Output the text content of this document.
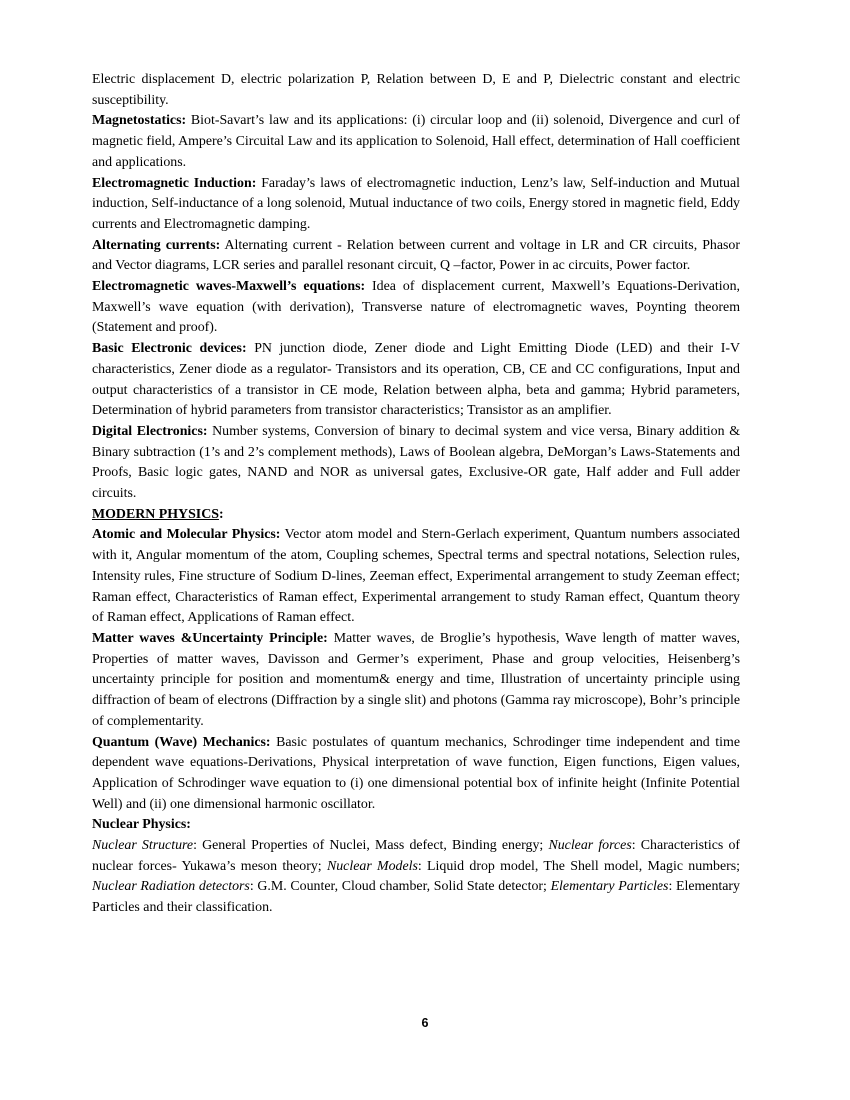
Electric displacement D, electric polarization P, Relation between D, E and P, Dielectric constant and electric susceptibility.

Magnetostatics: Biot-Savart’s law and its applications: (i) circular loop and (ii) solenoid, Divergence and curl of magnetic field, Ampere’s Circuital Law and its application to Solenoid, Hall effect, determination of Hall coefficient and applications.

Electromagnetic Induction: Faraday’s laws of electromagnetic induction, Lenz’s law, Self-induction and Mutual induction, Self-inductance of a long solenoid, Mutual inductance of two coils, Energy stored in magnetic field, Eddy currents and Electromagnetic damping.

Alternating currents: Alternating current - Relation between current and voltage in LR and CR circuits, Phasor and Vector diagrams, LCR series and parallel resonant circuit, Q –factor, Power in ac circuits, Power factor.

Electromagnetic waves-Maxwell’s equations: Idea of displacement current, Maxwell’s Equations-Derivation, Maxwell’s wave equation (with derivation), Transverse nature of electromagnetic waves, Poynting theorem (Statement and proof).

Basic Electronic devices: PN junction diode, Zener diode and Light Emitting Diode (LED) and their I-V characteristics, Zener diode as a regulator- Transistors and its operation, CB, CE and CC configurations, Input and output characteristics of a transistor in CE mode, Relation between alpha, beta and gamma; Hybrid parameters, Determination of hybrid parameters from transistor characteristics; Transistor as an amplifier.

Digital Electronics: Number systems, Conversion of binary to decimal system and vice versa, Binary addition & Binary subtraction (1’s and 2’s complement methods), Laws of Boolean algebra, DeMorgan’s Laws-Statements and Proofs, Basic logic gates, NAND and NOR as universal gates, Exclusive-OR gate, Half adder and Full adder circuits.

MODERN PHYSICS:

Atomic and Molecular Physics: Vector atom model and Stern-Gerlach experiment, Quantum numbers associated with it, Angular momentum of the atom, Coupling schemes, Spectral terms and spectral notations, Selection rules, Intensity rules, Fine structure of Sodium D-lines, Zeeman effect, Experimental arrangement to study Zeeman effect; Raman effect, Characteristics of Raman effect, Experimental arrangement to study Raman effect, Quantum theory of Raman effect, Applications of Raman effect.

Matter waves &Uncertainty Principle: Matter waves, de Broglie’s hypothesis, Wave length of matter waves, Properties of matter waves, Davisson and Germer’s experiment, Phase and group velocities, Heisenberg’s uncertainty principle for position and momentum& energy and time, Illustration of uncertainty principle using diffraction of beam of electrons (Diffraction by a single slit) and photons (Gamma ray microscope), Bohr’s principle of complementarity.

Quantum (Wave) Mechanics: Basic postulates of quantum mechanics, Schrodinger time independent and time dependent wave equations-Derivations, Physical interpretation of wave function, Eigen functions, Eigen values, Application of Schrodinger wave equation to (i) one dimensional potential box of infinite height (Infinite Potential Well) and (ii) one dimensional harmonic oscillator.

Nuclear Physics:

Nuclear Structure: General Properties of Nuclei, Mass defect, Binding energy; Nuclear forces: Characteristics of nuclear forces- Yukawa’s meson theory; Nuclear Models: Liquid drop model, The Shell model, Magic numbers; Nuclear Radiation detectors: G.M. Counter, Cloud chamber, Solid State detector; Elementary Particles: Elementary Particles and their classification.

6
